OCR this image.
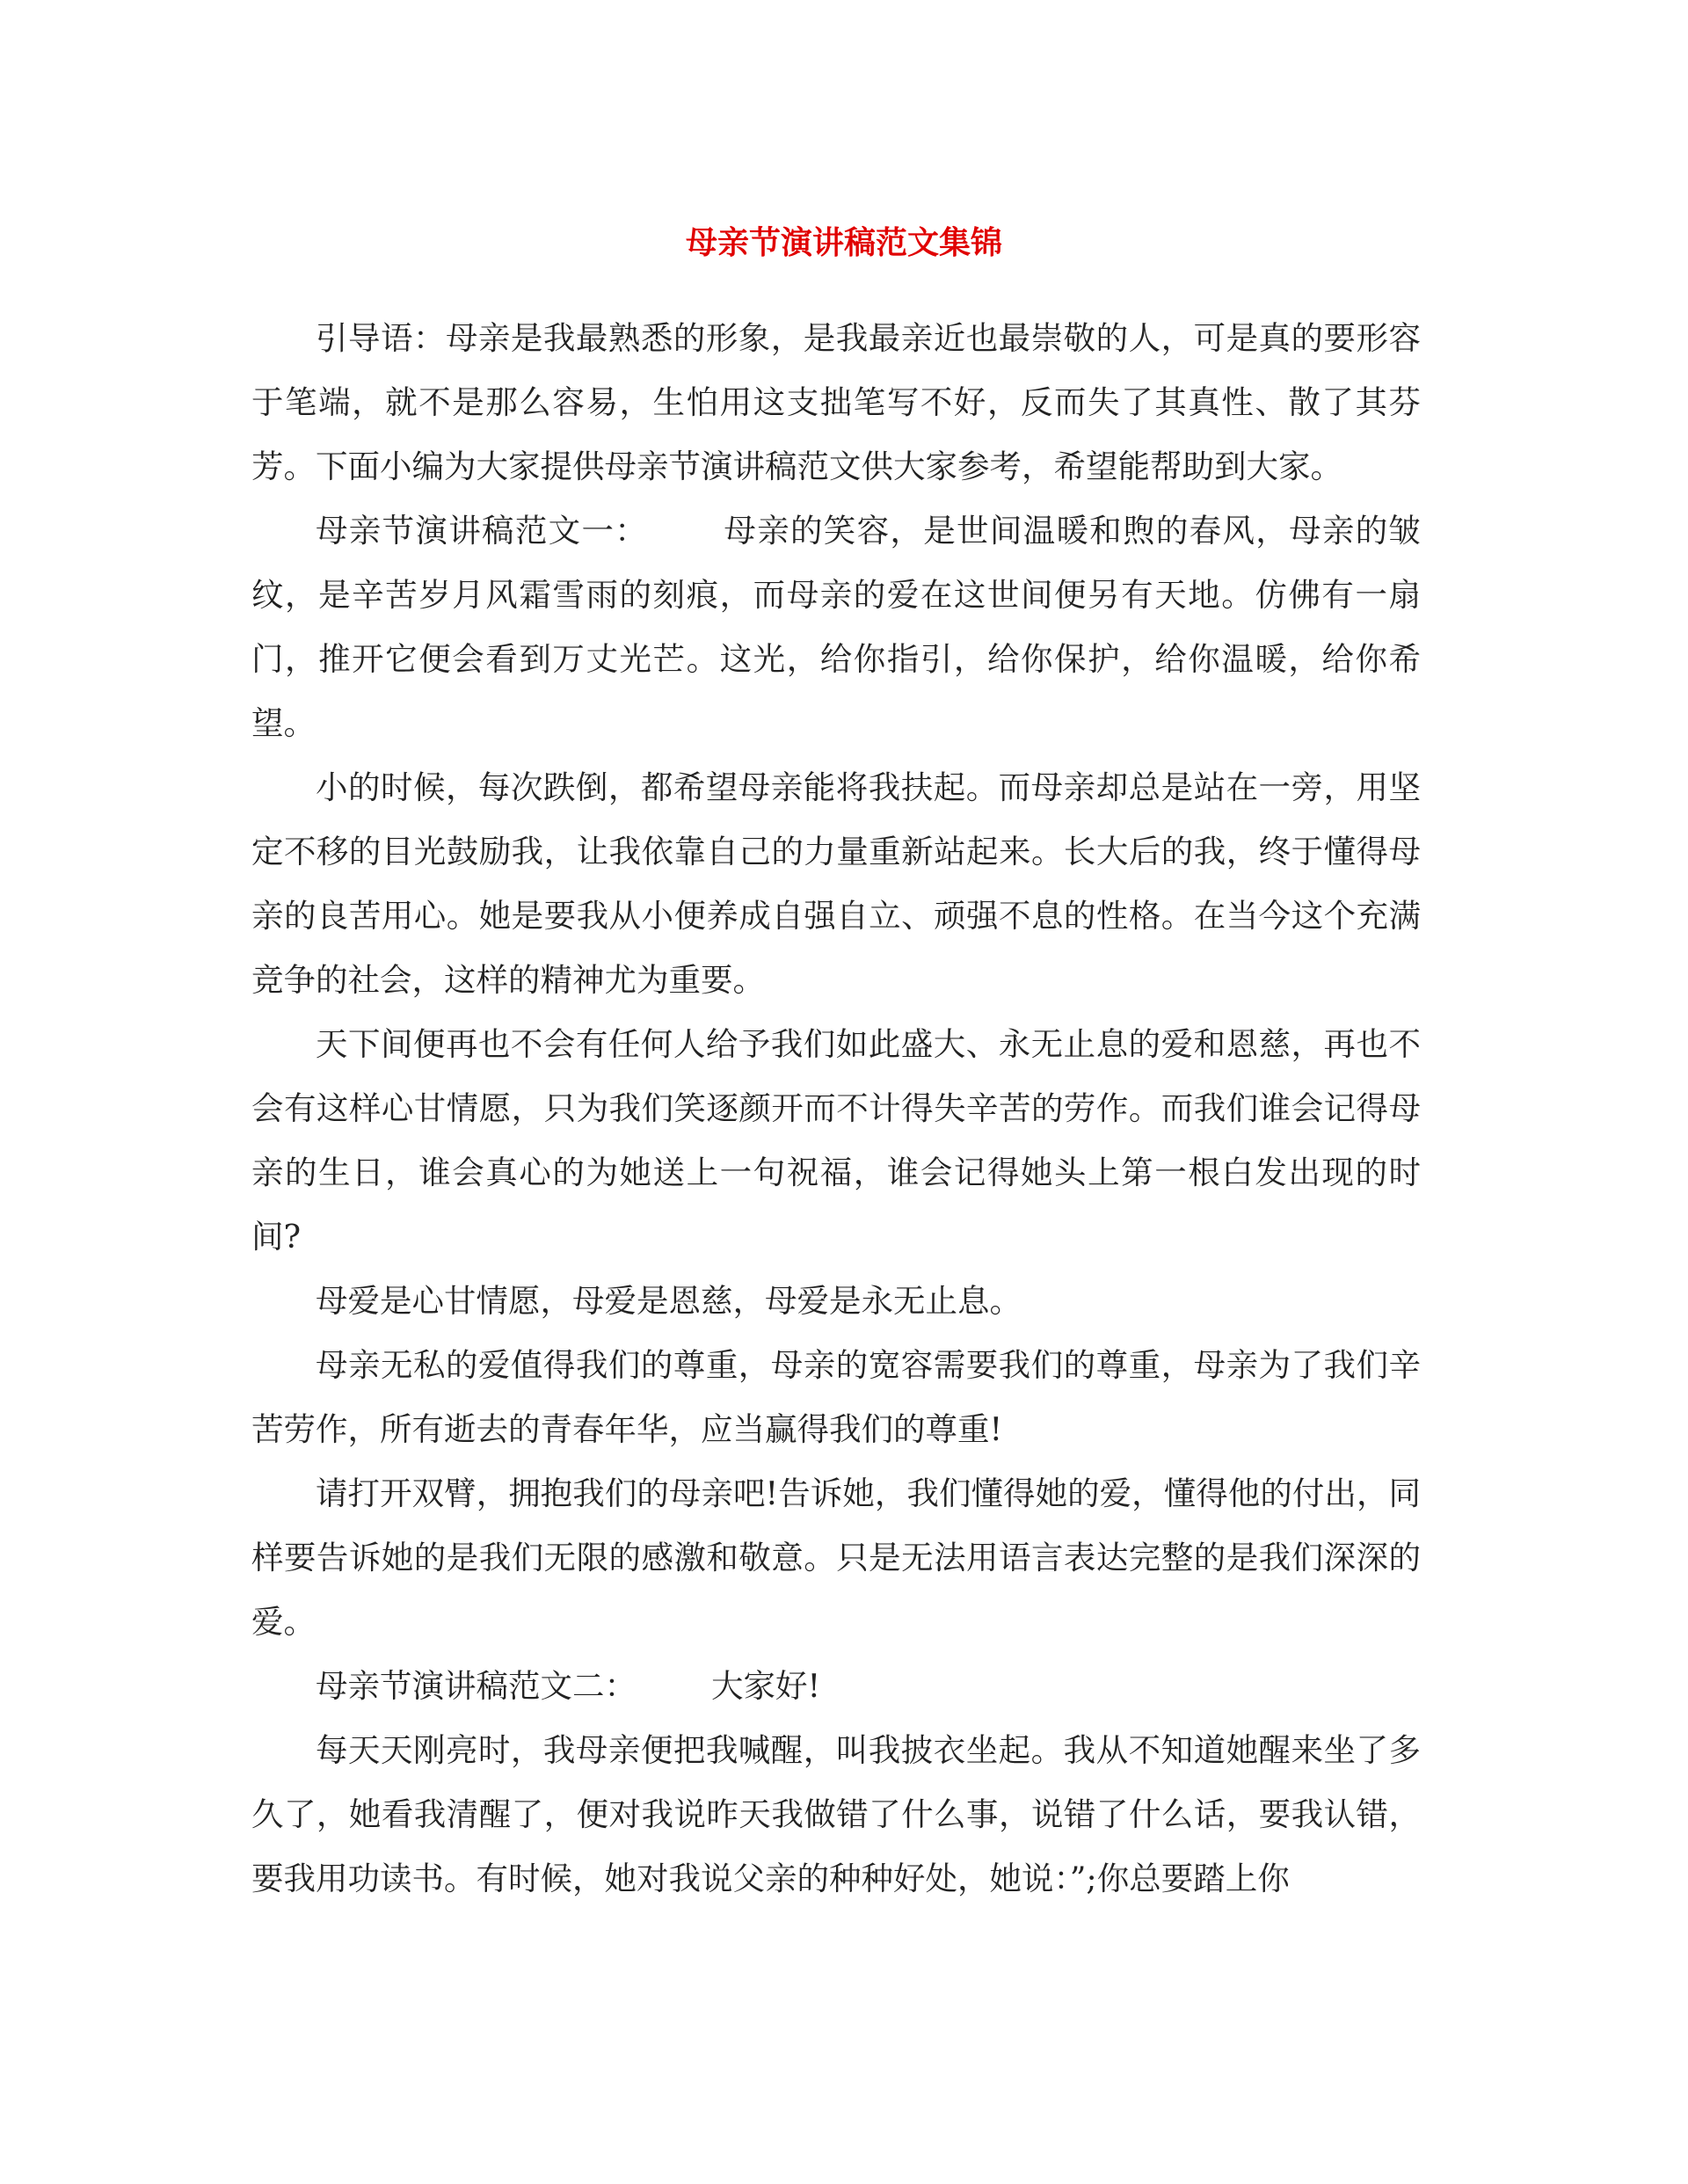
母亲节演讲稿范文集锦

引导语：母亲是我最熟悉的形象，是我最亲近也最崇敬的人，可是真的要形容于笔端，就不是那么容易，生怕用这支拙笔写不好，反而失了其真性、散了其芬芳。下面小编为大家提供母亲节演讲稿范文供大家参考，希望能帮助到大家。

母亲节演讲稿范文一： 母亲的笑容，是世间温暖和煦的春风，母亲的皱纹，是辛苦岁月风霜雪雨的刻痕，而母亲的爱在这世间便另有天地。仿佛有一扇门，推开它便会看到万丈光芒。这光，给你指引，给你保护，给你温暖，给你希望。

小的时候，每次跌倒，都希望母亲能将我扶起。而母亲却总是站在一旁，用坚定不移的目光鼓励我，让我依靠自己的力量重新站起来。长大后的我，终于懂得母亲的良苦用心。她是要我从小便养成自强自立、顽强不息的性格。在当今这个充满竞争的社会，这样的精神尤为重要。

天下间便再也不会有任何人给予我们如此盛大、永无止息的爱和恩慈，再也不会有这样心甘情愿，只为我们笑逐颜开而不计得失辛苦的劳作。而我们谁会记得母亲的生日，谁会真心的为她送上一句祝福，谁会记得她头上第一根白发出现的时间?

母爱是心甘情愿，母爱是恩慈，母爱是永无止息。

母亲无私的爱值得我们的尊重，母亲的宽容需要我们的尊重，母亲为了我们辛苦劳作，所有逝去的青春年华，应当赢得我们的尊重!

请打开双臂，拥抱我们的母亲吧!告诉她，我们懂得她的爱，懂得他的付出，同样要告诉她的是我们无限的感激和敬意。只是无法用语言表达完整的是我们深深的爱。

母亲节演讲稿范文二： 大家好!

每天天刚亮时，我母亲便把我喊醒，叫我披衣坐起。我从不知道她醒来坐了多久了，她看我清醒了，便对我说昨天我做错了什么事，说错了什么话，要我认错，要我用功读书。有时候，她对我说父亲的种种好处，她说：”;你总要踏上你
